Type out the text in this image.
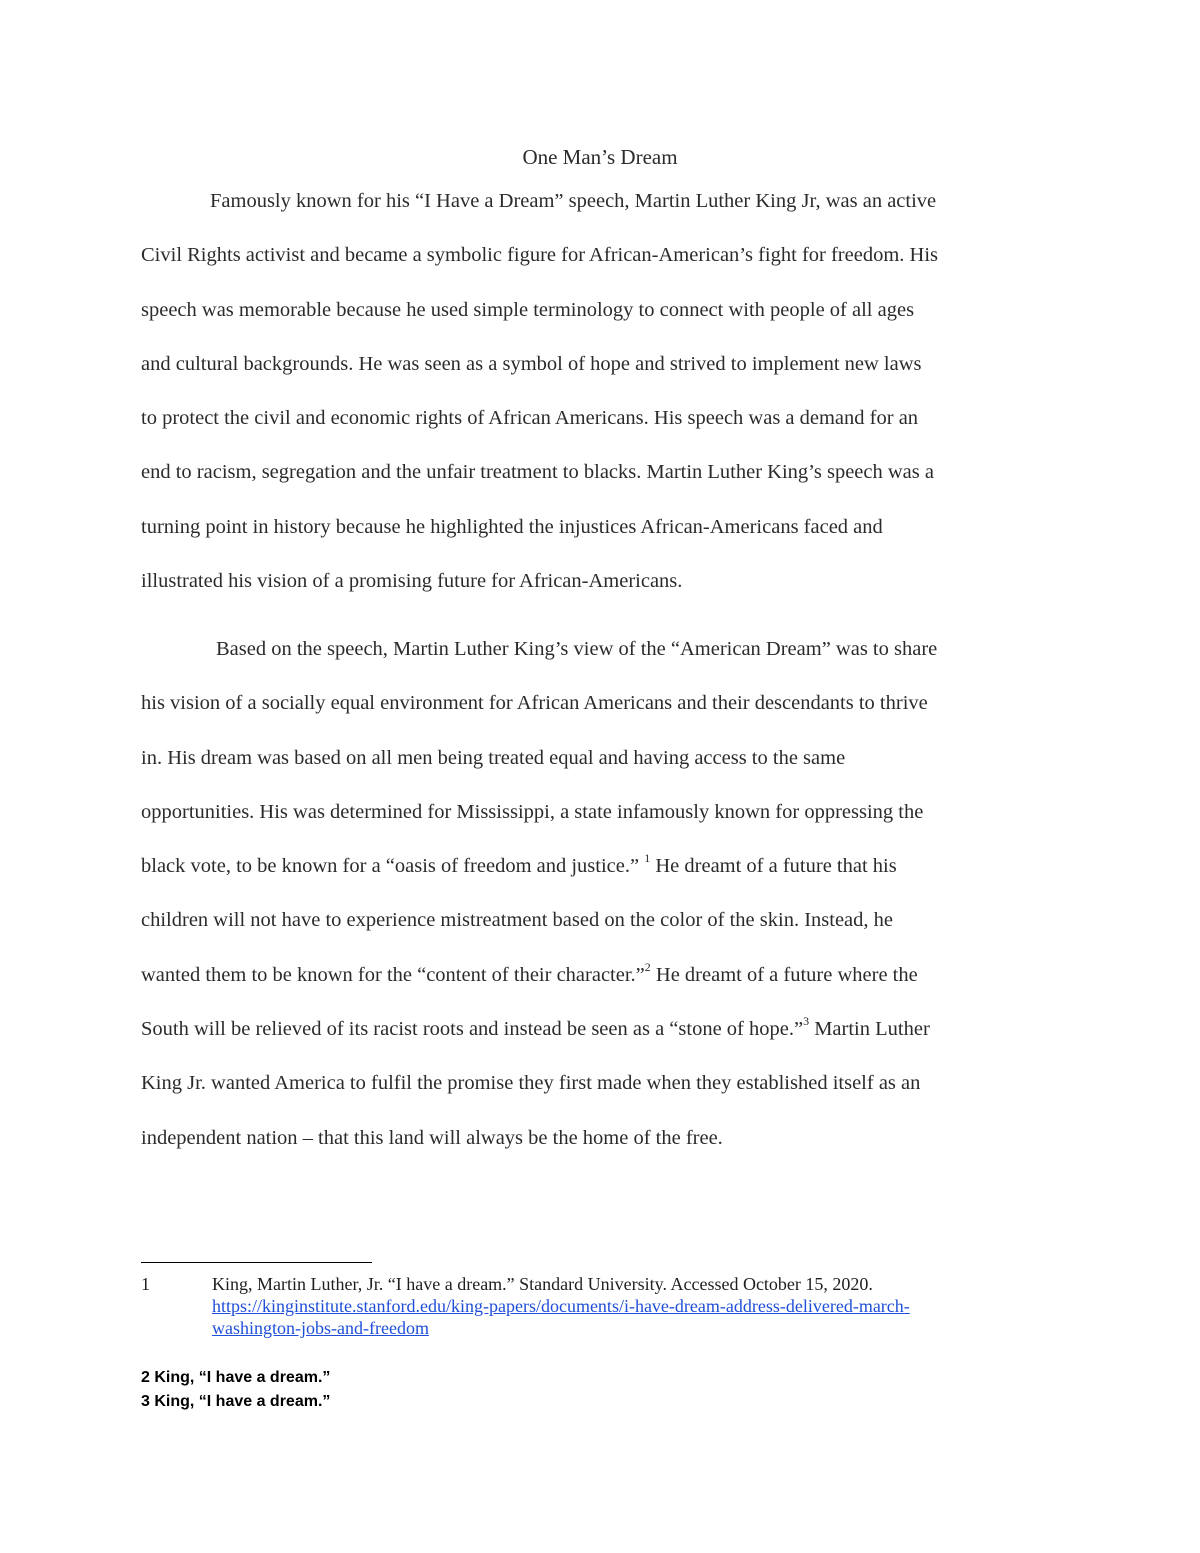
One Man’s Dream
Famously known for his “I Have a Dream” speech, Martin Luther King Jr, was an active
Civil Rights activist and became a symbolic figure for African-American’s fight for freedom. His
speech was memorable because he used simple terminology to connect with people of all ages
and cultural backgrounds. He was seen as a symbol of hope and strived to implement new laws
to protect the civil and economic rights of African Americans. His speech was a demand for an
end to racism, segregation and the unfair treatment to blacks. Martin Luther King’s speech was a
turning point in history because he highlighted the injustices African-Americans faced and
illustrated his vision of a promising future for African-Americans.
Based on the speech, Martin Luther King’s view of the “American Dream” was to share
his vision of a socially equal environment for African Americans and their descendants to thrive
in. His dream was based on all men being treated equal and having access to the same
opportunities. His was determined for Mississippi, a state infamously known for oppressing the
black vote, to be known for a “oasis of freedom and justice.” $^1$ He dreamt of a future that his
children will not have to experience mistreatment based on the color of the skin. Instead, he
wanted them to be known for the “content of their character.”$^2$ He dreamt of a future where the
South will be relieved of its racist roots and instead be seen as a “stone of hope.”$^3$ Martin Luther
King Jr. wanted America to fulfil the promise they first made when they established itself as an
independent nation – that this land will always be the home of the free.
1	King, Martin Luther, Jr. “I have a dream.” Standard University. Accessed October 15, 2020.
https://kinginstitute.stanford.edu/king-papers/documents/i-have-dream-address-delivered-march-
washington-jobs-and-freedom
2 King, “I have a dream.”
3 King, “I have a dream.”
